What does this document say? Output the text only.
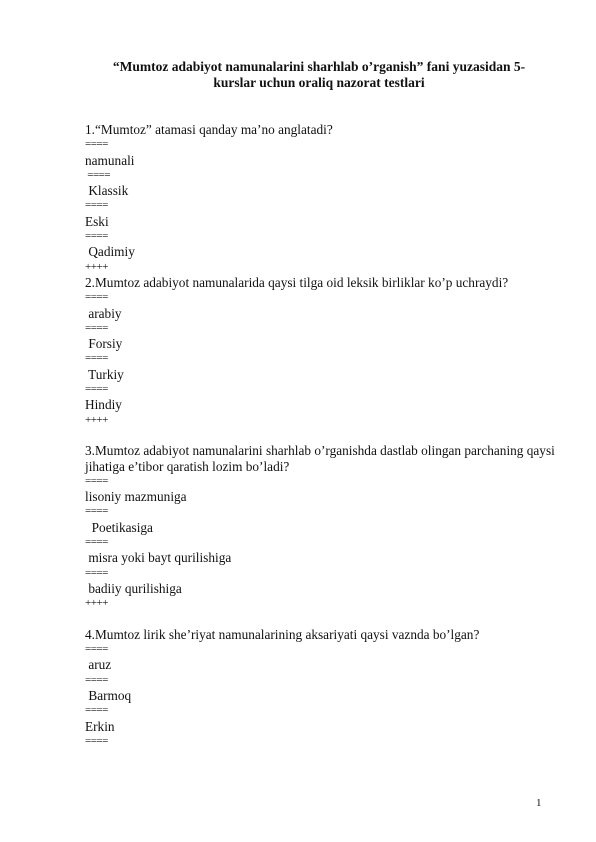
“Mumtoz adabiyot namunalarini sharhlab o’rganish” fani yuzasidan 5-
kurslar uchun oraliq nazorat testlari
1.“Mumtoz” atamasi qanday ma’no anglatadi?
====
namunali
====
Klassik
====
Eski
====
Qadimiy
++++
2.Mumtoz adabiyot namunalarida qaysi tilga oid leksik birliklar ko’p uchraydi?
====
arabiy
====
Forsiy
====
Turkiy
====
Hindiy
++++
3.Mumtoz adabiyot namunalarini sharhlab o’rganishda dastlab olingan parchaning qaysi jihatiga e’tibor qaratish lozim bo’ladi?
====
lisoniy mazmuniga
====
Poetikasiga
====
misra yoki bayt qurilishiga
====
badiiy qurilishiga
++++
4.Mumtoz lirik she’riyat namunalarining aksariyati qaysi vaznda bo’lgan?
====
aruz
====
Barmoq
====
Erkin
====
1
